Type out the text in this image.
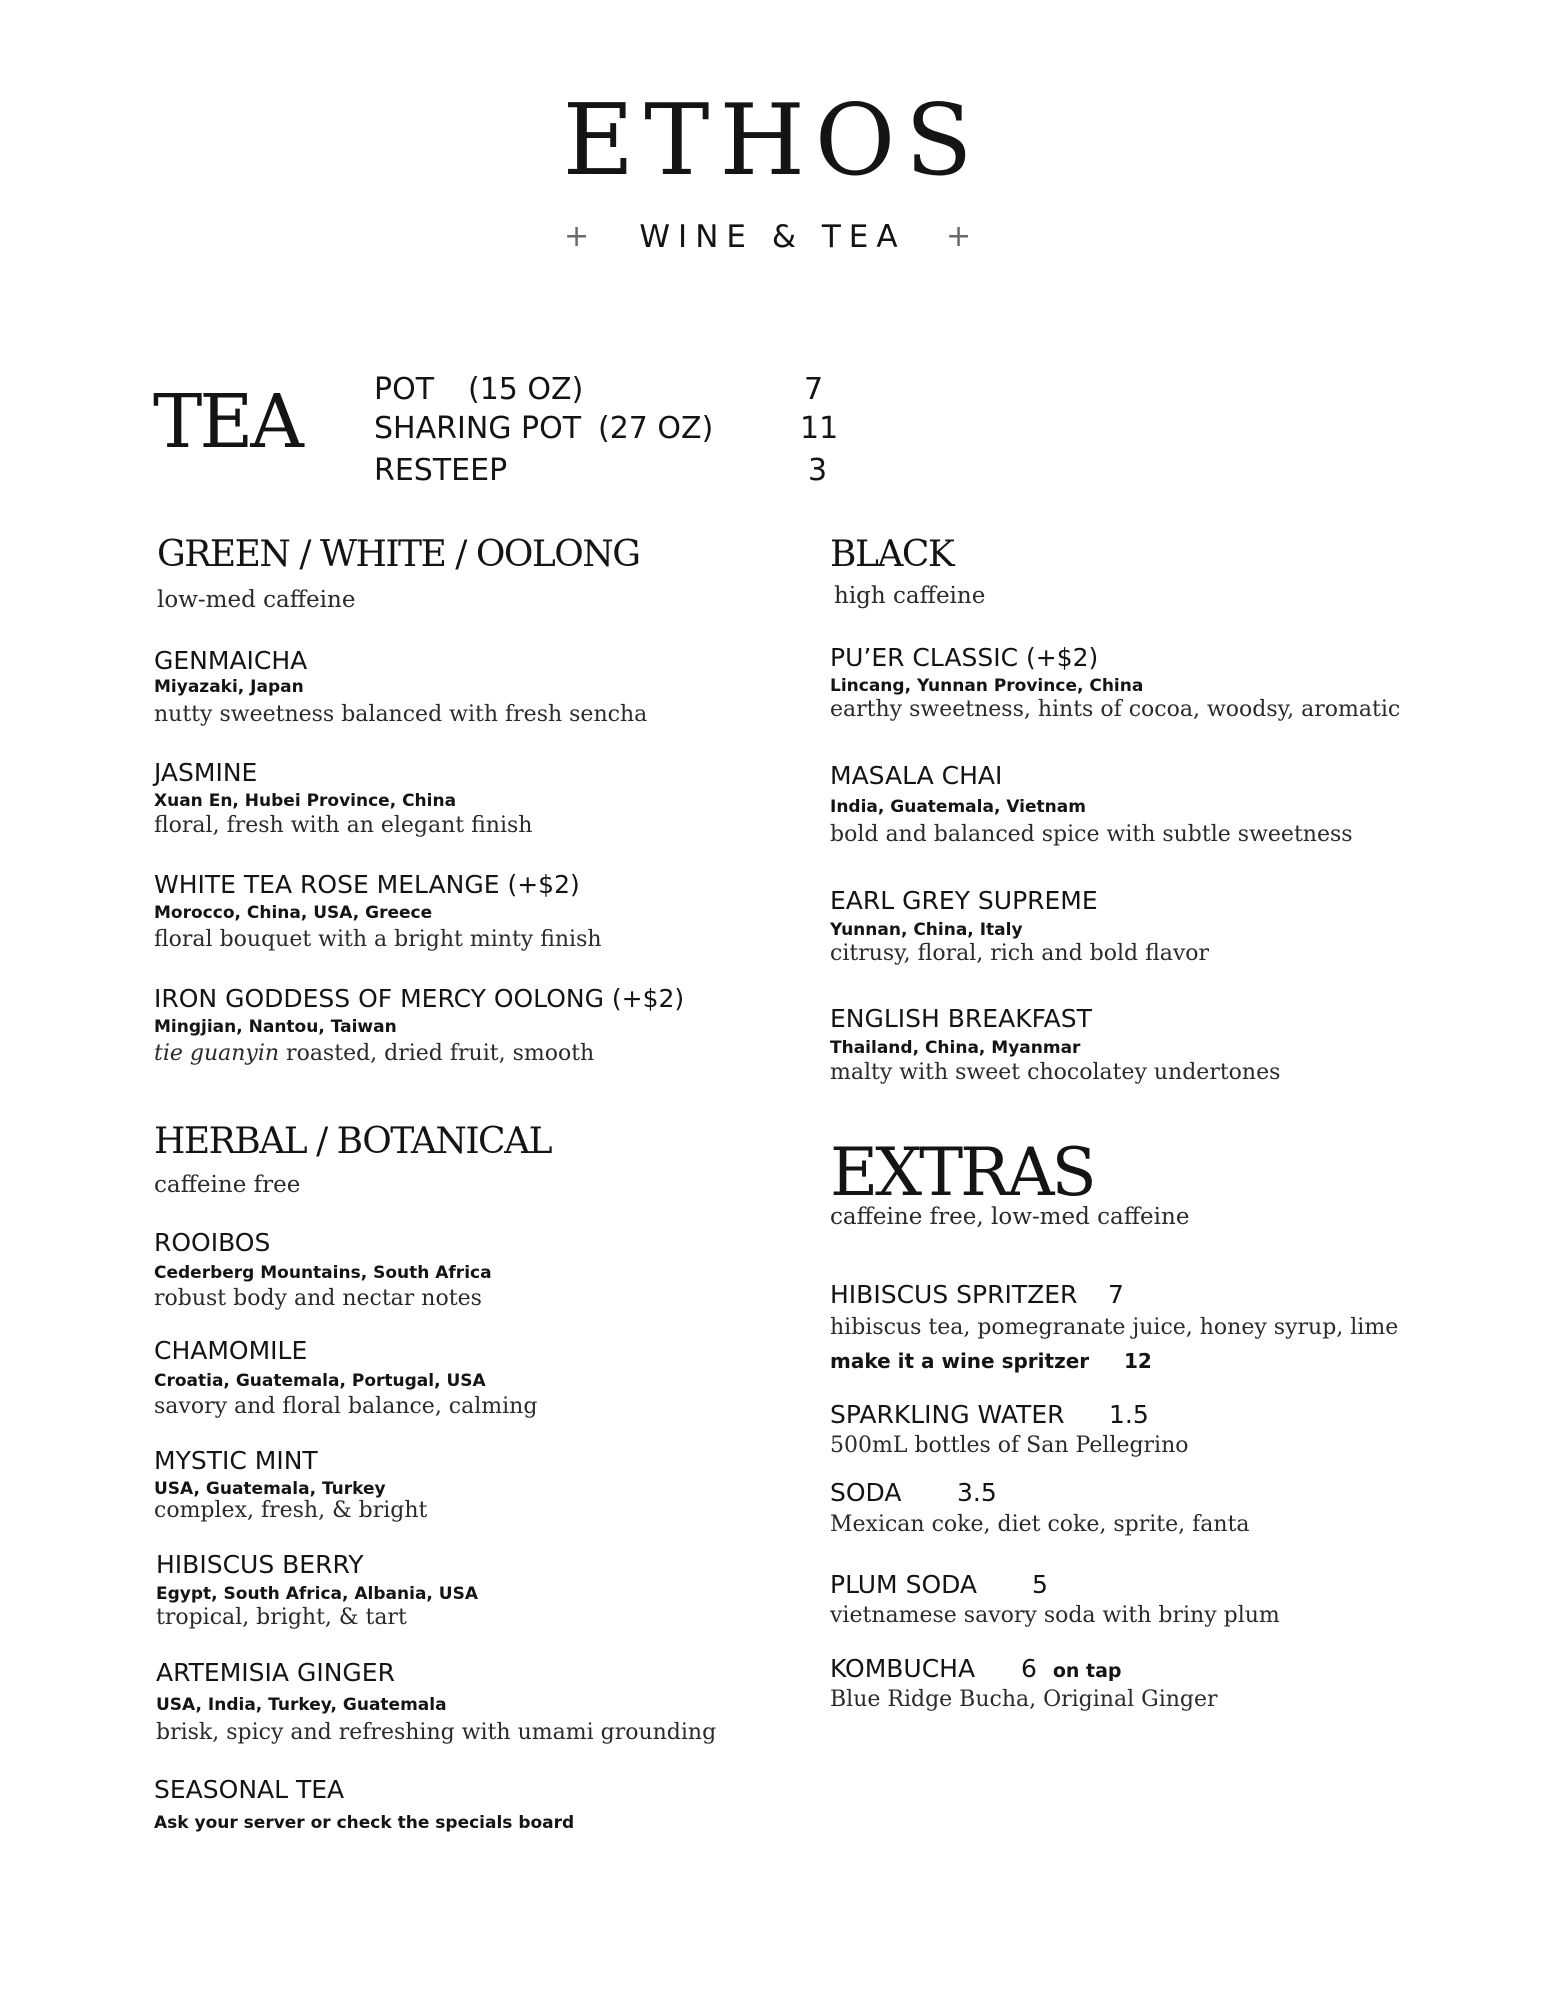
ETHOS
+	WINE & TEA	+
TEA POT (15 OZ)	7
SHARING POT (27 OZ)	11
RESTEEP	3
GREEN / WHITE / OOLONG
low-med caffeine
GENMAICHA
Miyazaki, Japan
nutty sweetness balanced with fresh sencha
JASMINE
Xuan En, Hubei Province, China
floral, fresh with an elegant finish
WHITE TEA ROSE MELANGE (+$2)
Morocco, China, USA, Greece
floral bouquet with a bright minty finish
IRON GODDESS OF MERCY OOLONG (+$2)
Mingjian, Nantou, Taiwan
tie guanyin roasted, dried fruit, smooth
HERBAL / BOTANICAL
caffeine free
ROOIBOS
Cederberg Mountains, South Africa
robust body and nectar notes
CHAMOMILE
Croatia, Guatemala, Portugal, USA
savory and floral balance, calming
MYSTIC MINT
USA, Guatemala, Turkey
complex, fresh, & bright
HIBISCUS BERRY
Egypt, South Africa, Albania, USA
tropical, bright, & tart
ARTEMISIA GINGER
USA, India, Turkey, Guatemala
brisk, spicy and refreshing with umami grounding
SEASONAL TEA
Ask your server or check the specials board
BLACK
high caffeine
PU’ER CLASSIC (+$2)
Lincang, Yunnan Province, China
earthy sweetness, hints of cocoa, woodsy, aromatic
MASALA CHAI
India, Guatemala, Vietnam
bold and balanced spice with subtle sweetness
EARL GREY SUPREME
Yunnan, China, Italy
citrusy, floral, rich and bold flavor
ENGLISH BREAKFAST
Thailand, China, Myanmar
malty with sweet chocolatey undertones
EXTRAS
caffeine free, low-med caffeine
HIBISCUS SPRITZER 7
hibiscus tea, pomegranate juice, honey syrup, lime
make it a wine spritzer 12
SPARKLING WATER 1.5
500mL bottles of San Pellegrino
SODA 3.5
Mexican coke, diet coke, sprite, fanta
PLUM SODA 5
vietnamese savory soda with briny plum
KOMBUCHA 6 on tap
Blue Ridge Bucha, Original Ginger
